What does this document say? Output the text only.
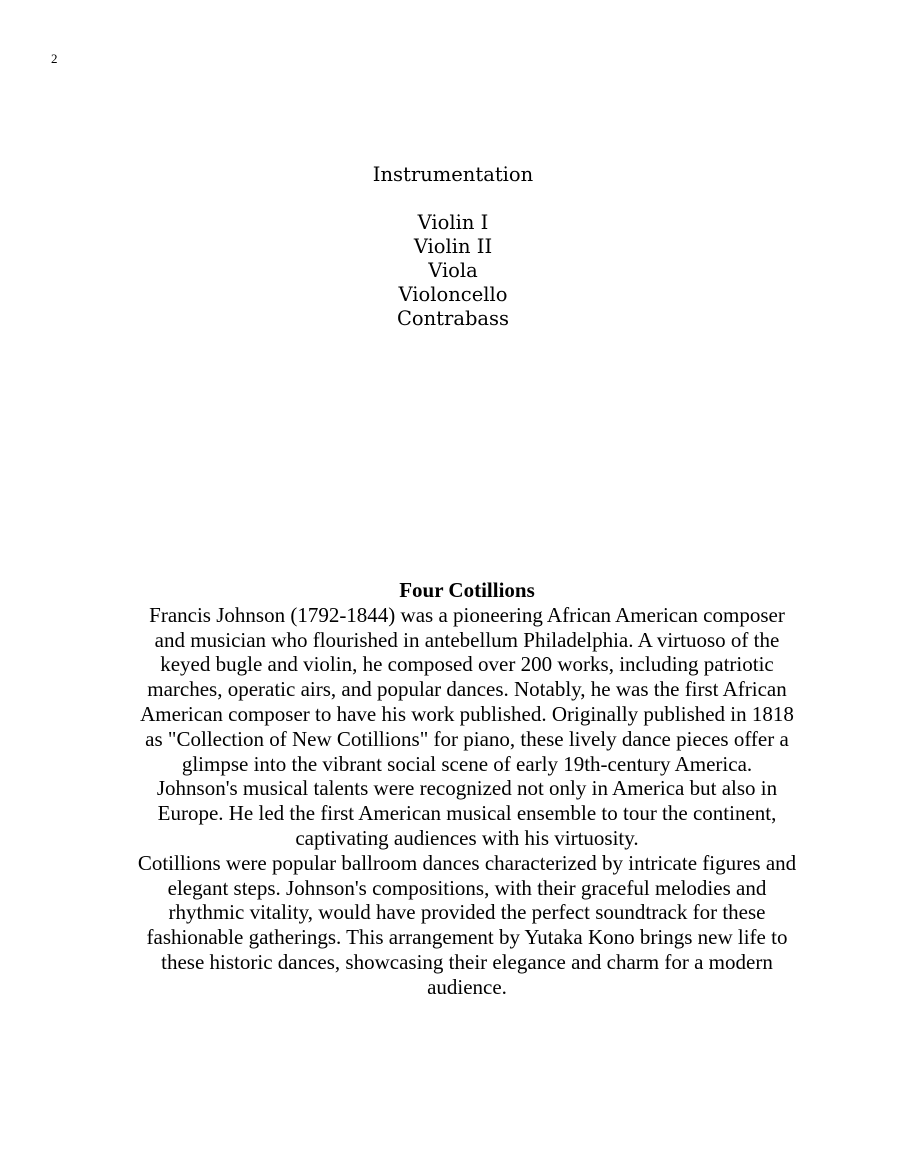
2
Instrumentation
Violin I
Violin II
Viola
Violoncello
Contrabass
Four Cotillions

Francis Johnson (1792-1844) was a pioneering African American composer and musician who flourished in antebellum Philadelphia. A virtuoso of the keyed bugle and violin, he composed over 200 works, including patriotic marches, operatic airs, and popular dances. Notably, he was the first African American composer to have his work published. Originally published in 1818 as "Collection of New Cotillions" for piano, these lively dance pieces offer a glimpse into the vibrant social scene of early 19th-century America.

Johnson's musical talents were recognized not only in America but also in Europe. He led the first American musical ensemble to tour the continent, captivating audiences with his virtuosity.

Cotillions were popular ballroom dances characterized by intricate figures and elegant steps. Johnson's compositions, with their graceful melodies and rhythmic vitality, would have provided the perfect soundtrack for these fashionable gatherings. This arrangement by Yutaka Kono brings new life to these historic dances, showcasing their elegance and charm for a modern audience.
